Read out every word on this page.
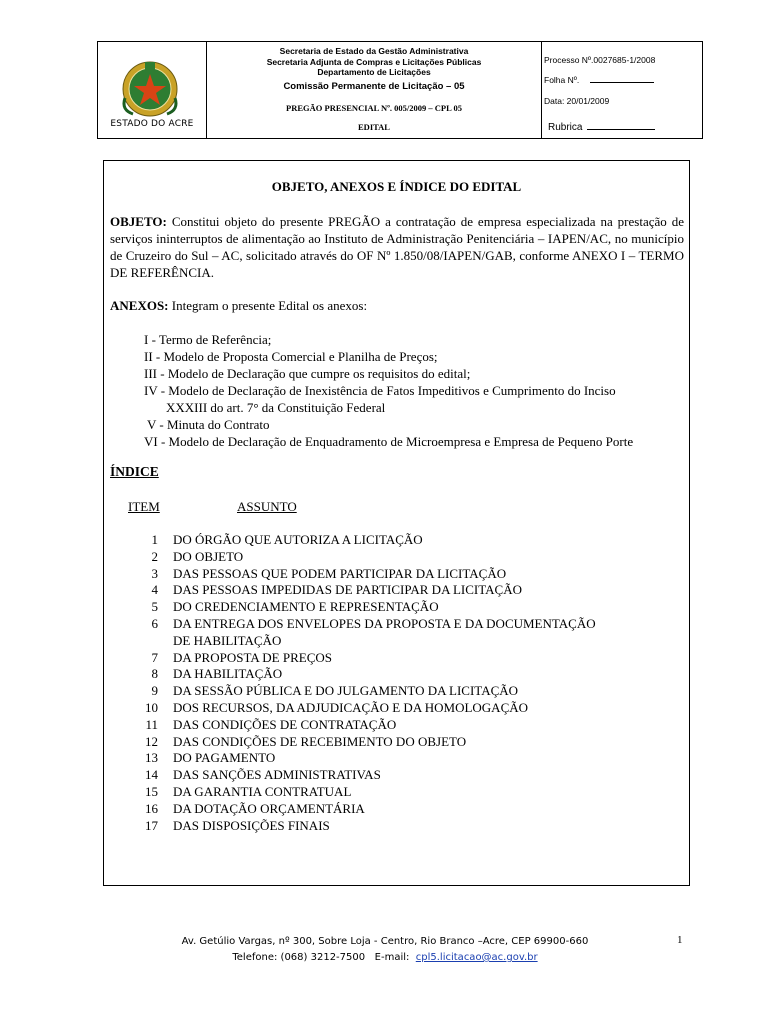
ESTADO DO ACRE
Secretaria de Estado da Gestão Administrativa
Secretaria Adjunta de Compras e Licitações Públicas
Departamento de Licitações
Comissão Permanente de Licitação – 05
PREGÃO PRESENCIAL Nº. 005/2009 – CPL 05
EDITAL
Processo Nº.0027685-1/2008
Folha Nº.
Data: 20/01/2009
Rubrica
OBJETO, ANEXOS E ÍNDICE DO EDITAL
OBJETO: Constitui objeto do presente PREGÃO a contratação de empresa especializada na prestação de serviços ininterruptos de alimentação ao Instituto de Administração Penitenciária – IAPEN/AC, no município de Cruzeiro do Sul – AC, solicitado através do OF Nº 1.850/08/IAPEN/GAB, conforme ANEXO I – TERMO DE REFERÊNCIA.
ANEXOS: Integram o presente Edital os anexos:
I - Termo de Referência;
II - Modelo de Proposta Comercial e Planilha de Preços;
III - Modelo de Declaração que cumpre os requisitos do edital;
IV - Modelo de Declaração de Inexistência de Fatos Impeditivos e Cumprimento do Inciso
XXXIII do art. 7° da Constituição Federal
V - Minuta do Contrato
VI - Modelo de Declaração de Enquadramento de Microempresa e Empresa de Pequeno Porte
ÍNDICE
ITEM	ASSUNTO
1 DO ÓRGÃO QUE AUTORIZA A LICITAÇÃO
2 DO OBJETO
3 DAS PESSOAS QUE PODEM PARTICIPAR DA LICITAÇÃO
4 DAS PESSOAS IMPEDIDAS DE PARTICIPAR DA LICITAÇÃO
5 DO CREDENCIAMENTO E REPRESENTAÇÃO
6 DA ENTREGA DOS ENVELOPES DA PROPOSTA E DA DOCUMENTAÇÃO
DE HABILITAÇÃO
7 DA PROPOSTA DE PREÇOS
8 DA HABILITAÇÃO
9 DA SESSÃO PÚBLICA E DO JULGAMENTO DA LICITAÇÃO
10 DOS RECURSOS, DA ADJUDICAÇÃO E DA HOMOLOGAÇÃO
11 DAS CONDIÇÕES DE CONTRATAÇÃO
12 DAS CONDIÇÕES DE RECEBIMENTO DO OBJETO
13 DO PAGAMENTO
14 DAS SANÇÕES ADMINISTRATIVAS
15 DA GARANTIA CONTRATUAL
16 DA DOTAÇÃO ORÇAMENTÁRIA
17 DAS DISPOSIÇÕES FINAIS
Av. Getúlio Vargas, nº 300, Sobre Loja - Centro, Rio Branco –Acre, CEP 69900-660
Telefone: (068) 3212-7500 E-mail: cpl5.licitacao@ac.gov.br
1
